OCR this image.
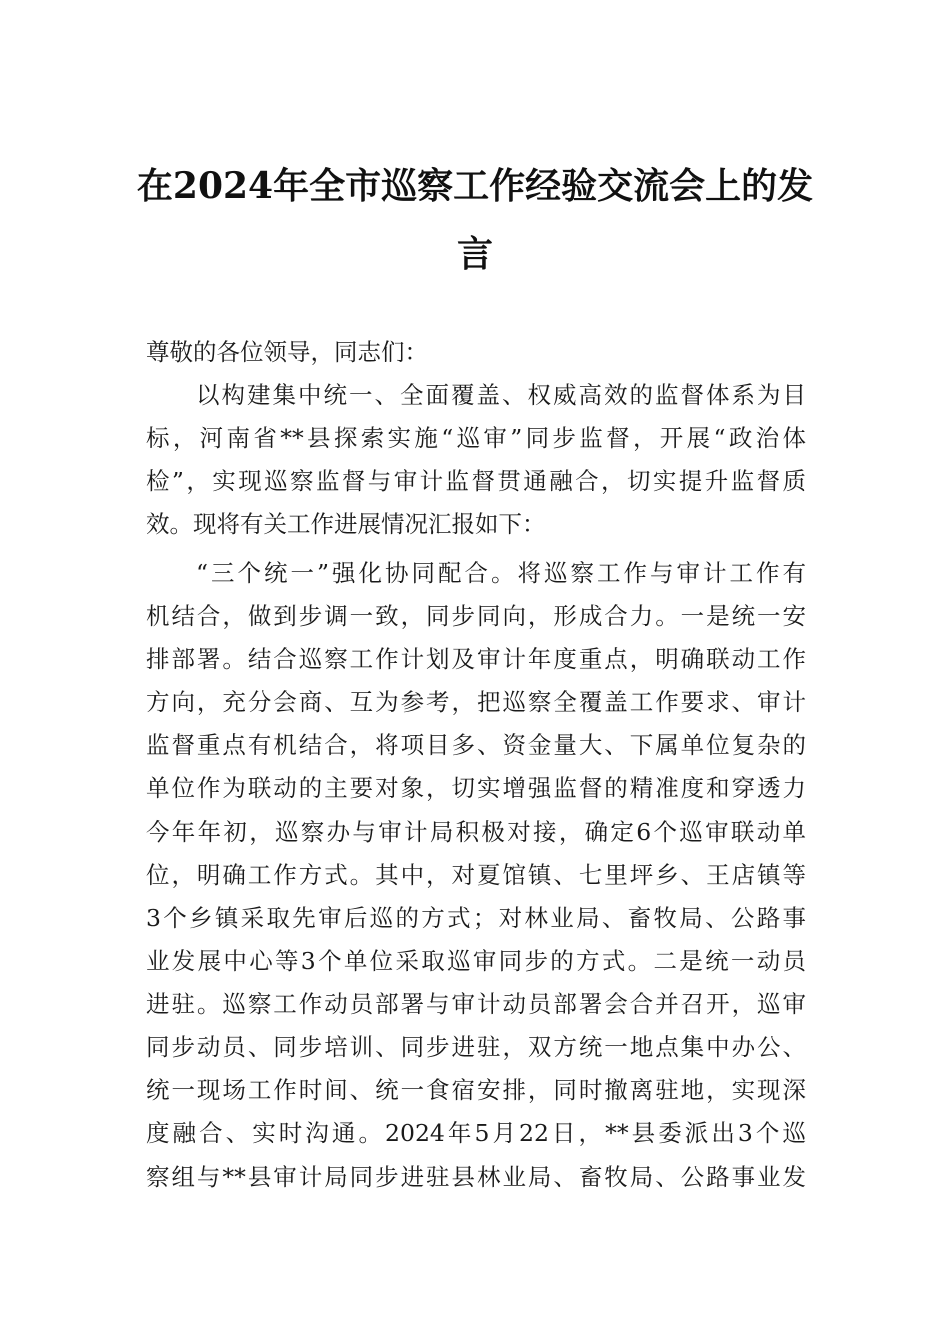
在2024年全市巡察工作经验交流会上的发
言
尊敬的各位领导，同志们：
以构建集中统一、全面覆盖、权威高效的监督体系为目
标，河南省**县探索实施“巡审”同步监督，开展“政治体
检”，实现巡察监督与审计监督贯通融合，切实提升监督质
效。现将有关工作进展情况汇报如下：
“三个统一”强化协同配合。将巡察工作与审计工作有
机结合，做到步调一致，同步同向，形成合力。一是统一安
排部署。结合巡察工作计划及审计年度重点，明确联动工作
方向，充分会商、互为参考，把巡察全覆盖工作要求、审计
监督重点有机结合，将项目多、资金量大、下属单位复杂的
单位作为联动的主要对象，切实增强监督的精准度和穿透力
今年年初，巡察办与审计局积极对接，确定6个巡审联动单
位，明确工作方式。其中，对夏馆镇、七里坪乡、王店镇等
3个乡镇采取先审后巡的方式；对林业局、畜牧局、公路事
业发展中心等3个单位采取巡审同步的方式。二是统一动员
进驻。巡察工作动员部署与审计动员部署会合并召开，巡审
同步动员、同步培训、同步进驻，双方统一地点集中办公、
统一现场工作时间、统一食宿安排，同时撤离驻地，实现深
度融合、实时沟通。2024年5月22日，**县委派出3个巡
察组与**县审计局同步进驻县林业局、畜牧局、公路事业发
